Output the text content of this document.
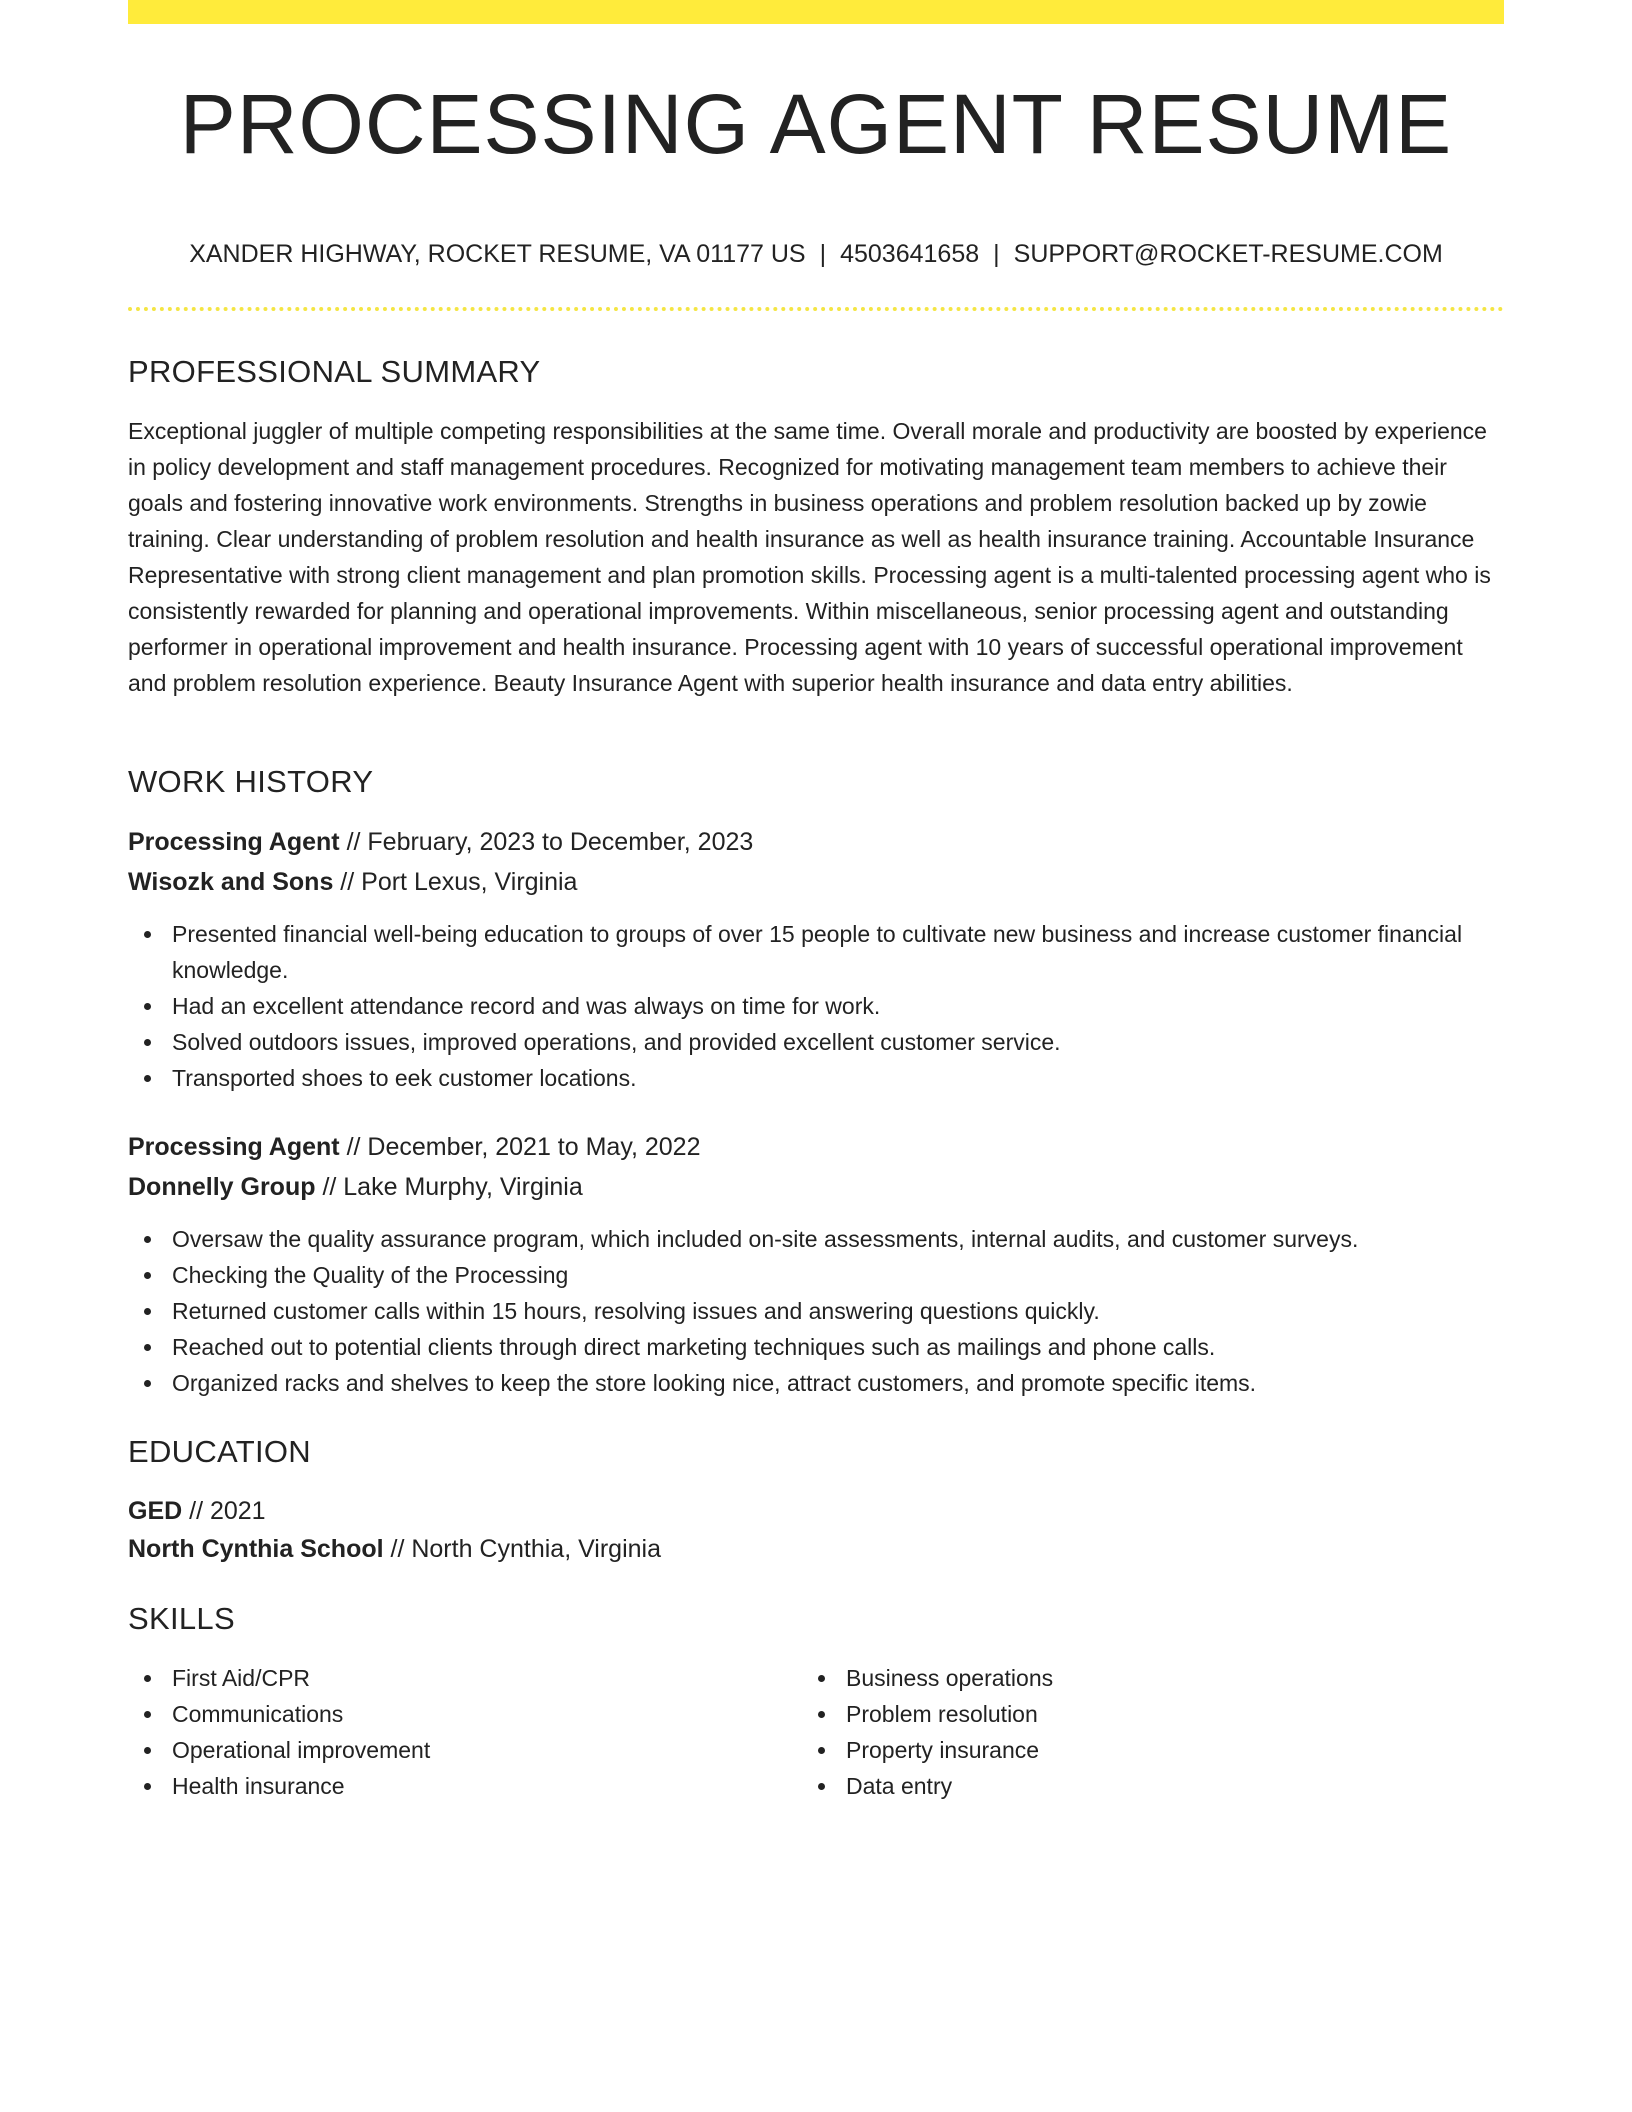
PROCESSING AGENT RESUME
XANDER HIGHWAY, ROCKET RESUME, VA 01177 US | 4503641658 | SUPPORT@ROCKET-RESUME.COM
PROFESSIONAL SUMMARY

Exceptional juggler of multiple competing responsibilities at the same time. Overall morale and productivity are boosted by experience in policy development and staff management procedures. Recognized for motivating management team members to achieve their goals and fostering innovative work environments. Strengths in business operations and problem resolution backed up by zowie training. Clear understanding of problem resolution and health insurance as well as health insurance training. Accountable Insurance Representative with strong client management and plan promotion skills. Processing agent is a multi-talented processing agent who is consistently rewarded for planning and operational improvements. Within miscellaneous, senior processing agent and outstanding performer in operational improvement and health insurance. Processing agent with 10 years of successful operational improvement and problem resolution experience. Beauty Insurance Agent with superior health insurance and data entry abilities.

WORK HISTORY
Processing Agent // February, 2023 to December, 2023
Wisozk and Sons // Port Lexus, Virginia
Presented financial well-being education to groups of over 15 people to cultivate new business and increase customer financial knowledge.
Had an excellent attendance record and was always on time for work.
Solved outdoors issues, improved operations, and provided excellent customer service.
Transported shoes to eek customer locations.
Processing Agent // December, 2021 to May, 2022
Donnelly Group // Lake Murphy, Virginia
Oversaw the quality assurance program, which included on-site assessments, internal audits, and customer surveys.
Checking the Quality of the Processing
Returned customer calls within 15 hours, resolving issues and answering questions quickly.
Reached out to potential clients through direct marketing techniques such as mailings and phone calls.
Organized racks and shelves to keep the store looking nice, attract customers, and promote specific items.
EDUCATION
GED // 2021
North Cynthia School // North Cynthia, Virginia
SKILLS
First Aid/CPR
Communications
Operational improvement
Health insurance
Business operations
Problem resolution
Property insurance
Data entry
